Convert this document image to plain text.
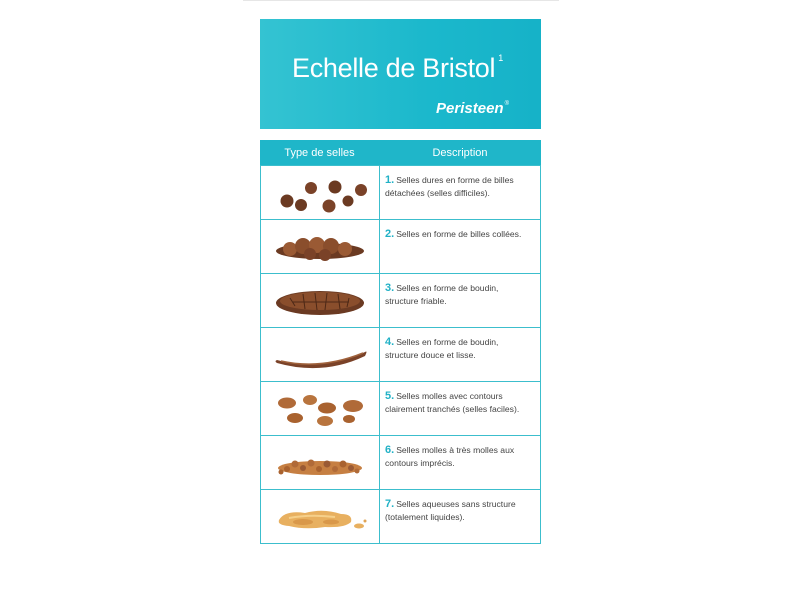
Echelle de Bristol $^1$
Peristeen®
Type de selles	Description
1. Selles dures en forme de billes détachées (selles difficiles).
2. Selles en forme de billes collées.
3. Selles en forme de boudin, structure friable.
4. Selles en forme de boudin, structure douce et lisse.
5. Selles molles avec contours clairement tranchés (selles faciles).
6. Selles molles à très molles aux contours imprécis.
7. Selles aqueuses sans structure (totalement liquides).
